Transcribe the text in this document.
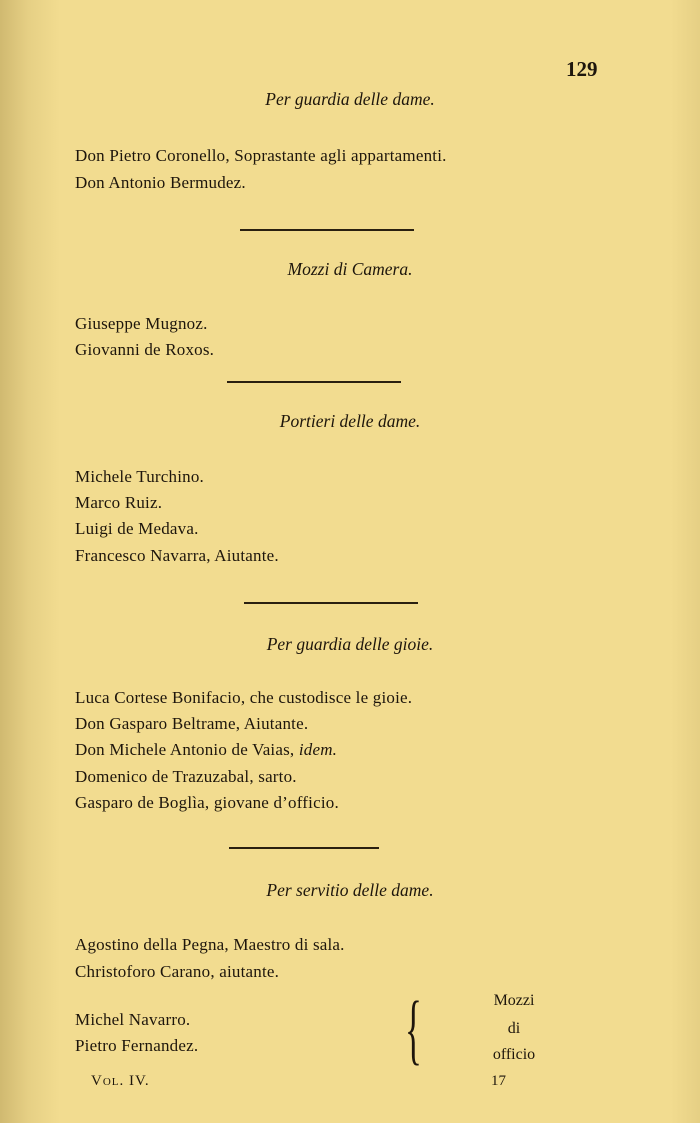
129
Per guardia delle dame.
Don Pietro Coronello, Soprastante agli appartamenti.
Don Antonio Bermudez.
Mozzi di Camera.
Giuseppe Mugnoz.
Giovanni de Roxos.
Portieri delle dame.
Michele Turchino.
Marco Ruiz.
Luigi de Medava.
Francesco Navarra, Aiutante.
Per guardia delle gioie.
Luca Cortese Bonifacio, che custodisce le gioie.
Don Gasparo Beltrame, Aiutante.
Don Michele Antonio de Vaias, idem.
Domenico de Trazuzabal, sarto.
Gasparo de Boglìa, giovane d’officio.
Per servitio delle dame.
Agostino della Pegna, Maestro di sala.
Christoforo Carano, aiutante.
Michel Navarro.
Pietro Fernandez.	{	Mozzi
di
officio
Vol. IV.	17
